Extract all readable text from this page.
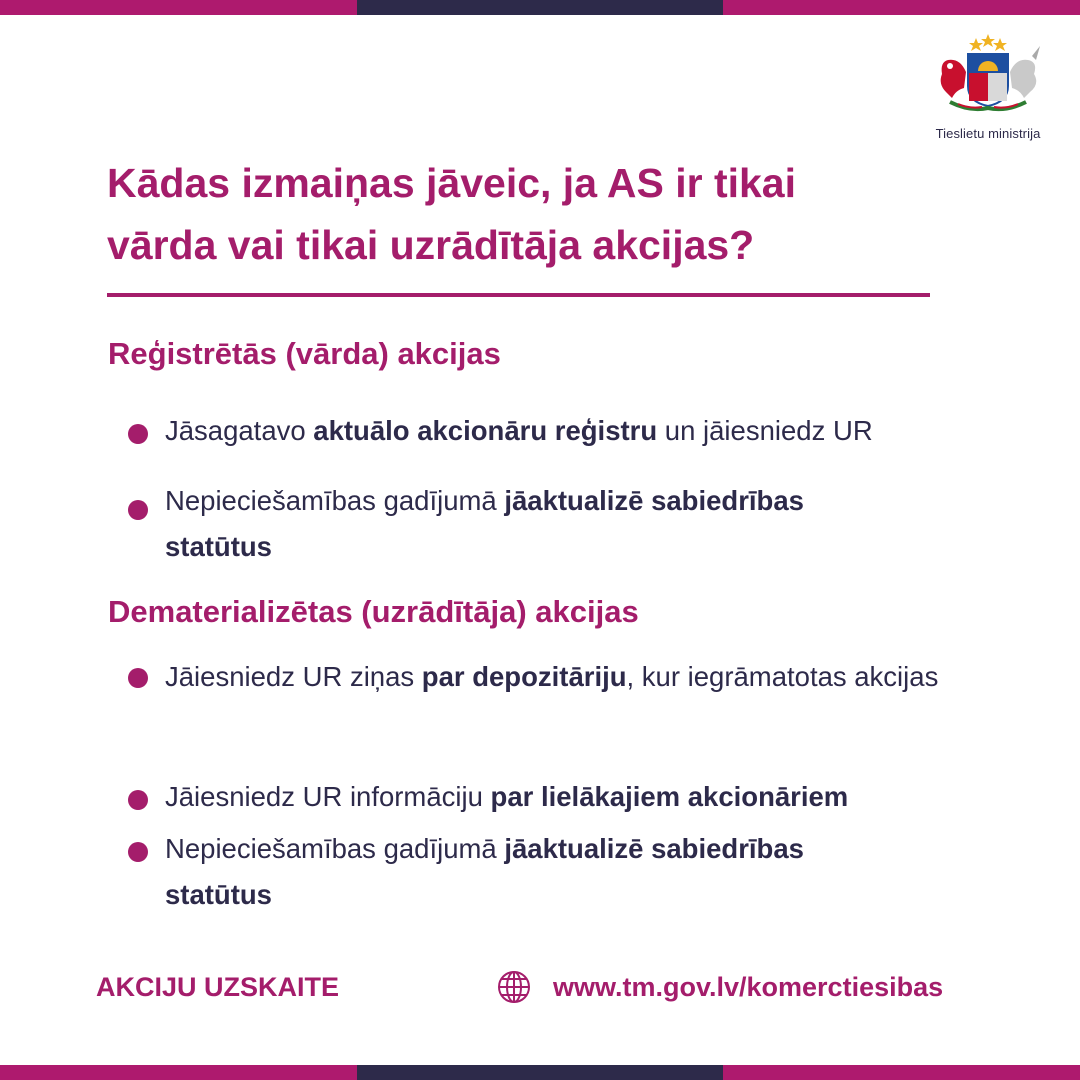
Tieslietu ministrija
Kādas izmaiņas jāveic, ja AS ir tikai vārda vai tikai uzrādītāja akcijas?
Reģistrētās (vārda) akcijas
Jāsagatavo aktuālo akcionāru reģistru un jāiesniedz UR
Nepieciešamības gadījumā jāaktualizē sabiedrības statūtus
Dematerializētas (uzrādītāja) akcijas
Jāiesniedz UR ziņas par depozitāriju, kur iegrāmatotas akcijas
Jāiesniedz UR informāciju par lielākajiem akcionāriem
Nepieciešamības gadījumā jāaktualizē sabiedrības statūtus
AKCIJU UZSKAITE	www.tm.gov.lv/komerctiesibas
